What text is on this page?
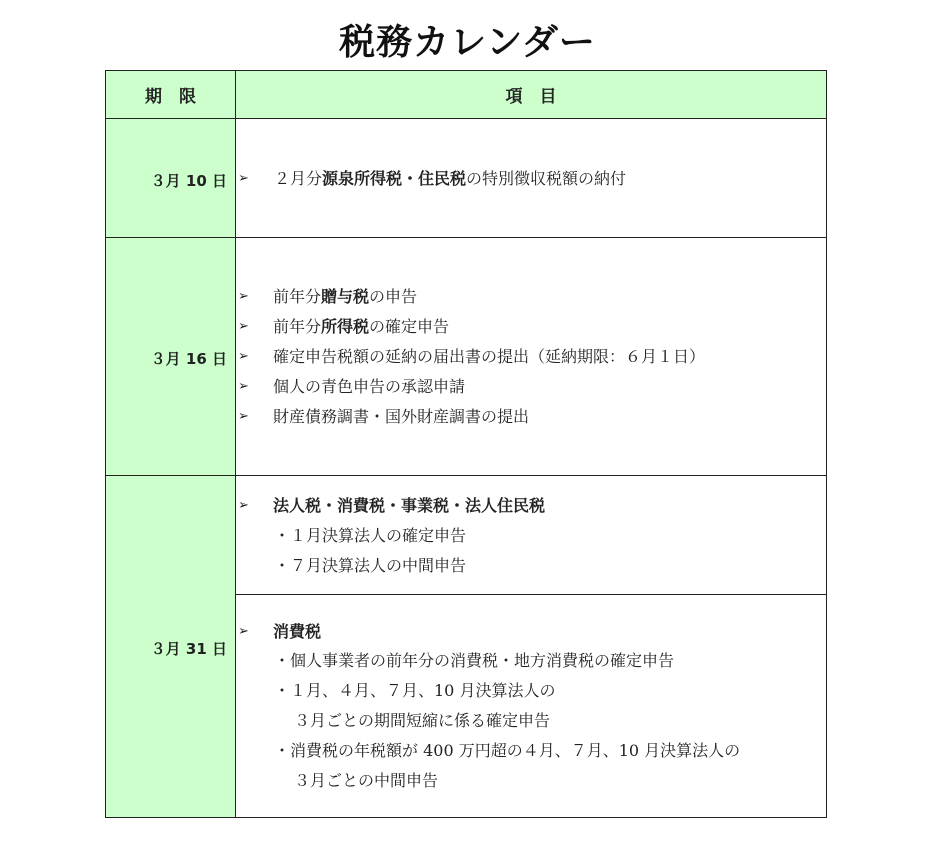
税務カレンダー
期　限	項　目
３月 10 日 ➢ ２月分源泉所得税・住民税の特別徴収税額の納付
３月 16 日
➢ 前年分贈与税の申告
➢ 前年分所得税の確定申告
➢ 確定申告税額の延納の届出書の提出（延納期限：６月１日）
➢ 個人の青色申告の承認申請
➢ 財産債務調書・国外財産調書の提出
３月 31 日
➢ 法人税・消費税・事業税・法人住民税
・１月決算法人の確定申告
・７月決算法人の中間申告
➢ 消費税
・個人事業者の前年分の消費税・地方消費税の確定申告
・１月、４月、７月、10 月決算法人の
３月ごとの期間短縮に係る確定申告
・消費税の年税額が 400 万円超の４月、７月、10 月決算法人の
３月ごとの中間申告
